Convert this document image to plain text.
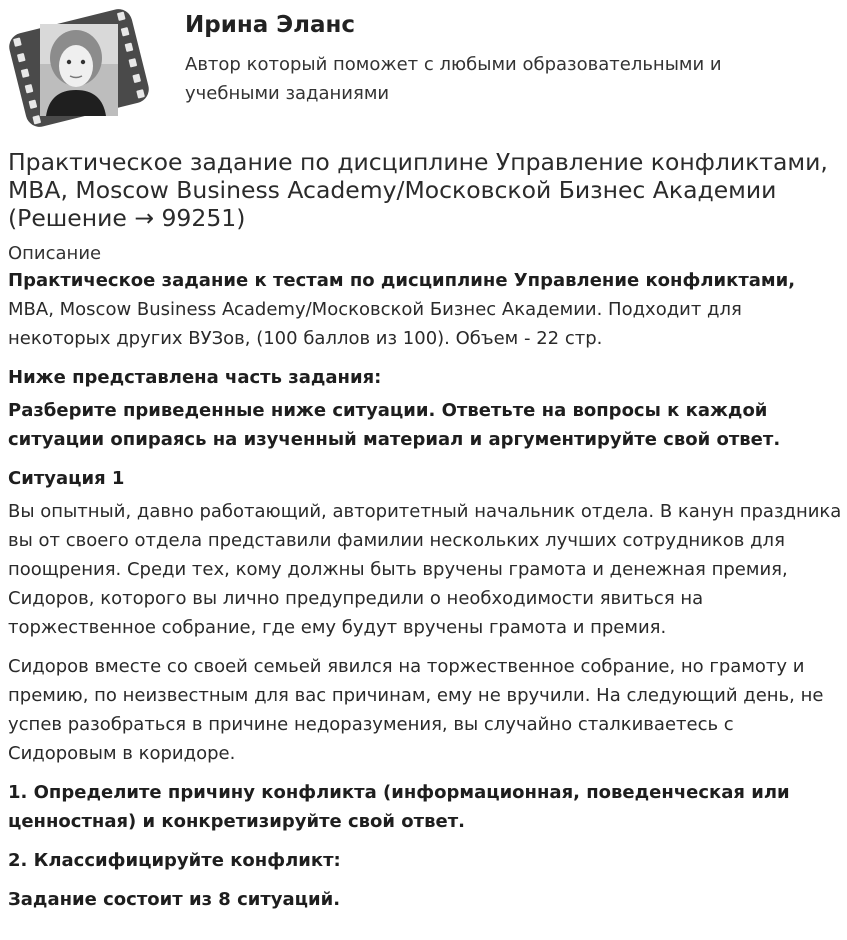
Ирина Эланс
Автор который поможет с любыми образовательными и учебными заданиями
Практическое задание по дисциплине Управление конфликтами, MBA, Moscow Business Academy/Московской Бизнес Академии (Решение → 99251)
Описание

Практическое задание к тестам по дисциплине Управление конфликтами, MBA, Moscow Business Academy/Московской Бизнес Академии. Подходит для некоторых других ВУЗов, (100 баллов из 100). Объем - 22 стр.

Ниже представлена часть задания:

Разберите приведенные ниже ситуации. Ответьте на вопросы к каждой ситуации опираясь на изученный материал и аргументируйте свой ответ.

Ситуация 1

Вы опытный, давно работающий, авторитетный начальник отдела. В канун праздника вы от своего отдела представили фамилии нескольких лучших сотрудников для поощрения. Среди тех, кому должны быть вручены грамота и денежная премия, Сидоров, которого вы лично предупредили о необходимости явиться на торжественное собрание, где ему будут вручены грамота и премия.

Сидоров вместе со своей семьей явился на торжественное собрание, но грамоту и премию, по неизвестным для вас причинам, ему не вручили. На следующий день, не успев разобраться в причине недоразумения, вы случайно сталкиваетесь с Сидоровым в коридоре.

1. Определите причину конфликта (информационная, поведенческая или ценностная) и конкретизируйте свой ответ.

2. Классифицируйте конфликт:

Задание состоит из 8 ситуаций.
